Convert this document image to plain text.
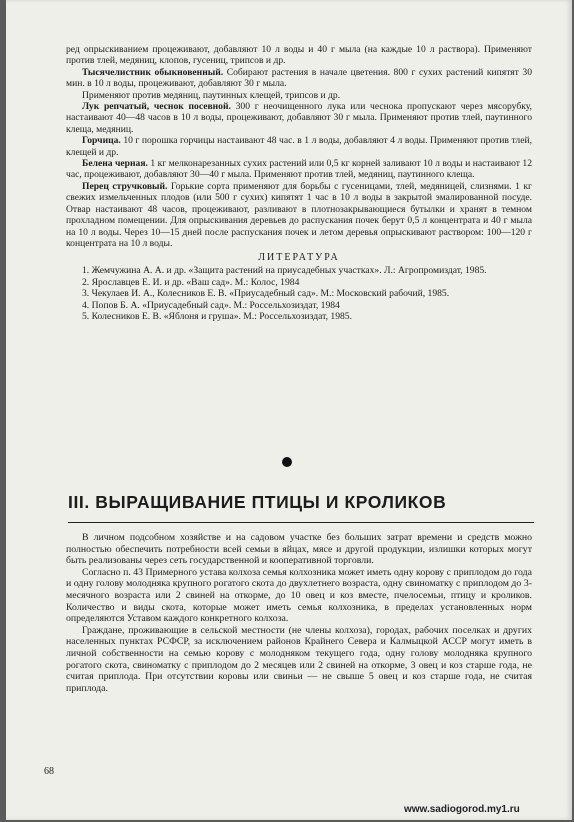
ред опрыскиванием процеживают, добавляют 10 л воды и 40 г мыла (на каждые 10 л раствора). Применяют против тлей, медяниц, клопов, гусениц, трипсов и др.

Тысячелистник обыкновенный. Собирают растения в начале цветения. 800 г сухих растений кипятят 30 мин. в 10 л воды, процеживают, добавляют 30 г мыла.

Применяют против медяниц, паутинных клещей, трипсов и др.

Лук репчатый, чеснок посевной. 300 г неочищенного лука или чеснока пропускают через мясорубку, настаивают 40—48 часов в 10 л воды, процеживают, добавляют 30 г мыла. Применяют против тлей, паутинного клеща, медяниц.

Горчица. 10 г порошка горчицы настаивают 48 час. в 1 л воды, добавляют 4 л воды. Применяют против тлей, клещей и др.

Белена черная. 1 кг мелконарезанных сухих растений или 0,5 кг корней заливают 10 л воды и настаивают 12 час, процеживают, добавляют 30—40 г мыла. Применяют против тлей, медяниц, паутинного клеща.

Перец стручковый. Горькие сорта применяют для борьбы с гусеницами, тлей, медяницей, слизнями. 1 кг свежих измельченных плодов (или 500 г сухих) кипятят 1 час в 10 л воды в закрытой эмалированной посуде. Отвар настаивают 48 часов, процеживают, разливают в плотнозакрывающиеся бутылки и хранят в темном прохладном помещении. Для опрыскивания деревьев до распускания почек берут 0,5 л концентрата и 40 г мыла на 10 л воды. Через 10—15 дней после распускания почек и летом деревья опрыскивают раствором: 100—120 г концентрата на 10 л воды.

ЛИТЕРАТУРА
1. Жемчужина А. А. и др. «Защита растений на приусадебных участках». Л.: Агропромиздат, 1985.
2. Ярославцев Е. И. и др. «Ваш сад». М.: Колос, 1984
3. Чекулаев И. А., Колесников Е. В. «Приусадебный сад». М.: Московский рабочий, 1985.
4. Попов Б. А. «Приусадебный сад». М.: Россельхозиздат, 1984
5. Колесников Е. В. «Яблоня и груша». М.: Россельхозиздат, 1985.
III. ВЫРАЩИВАНИЕ ПТИЦЫ И КРОЛИКОВ

В личном подсобном хозяйстве и на садовом участке без больших затрат времени и средств можно полностью обеспечить потребности всей семьи в яйцах, мясе и другой продукции, излишки которых могут быть реализованы через сеть государственной и кооперативной торговли.

Согласно п. 43 Примерного устава колхоза семья колхозника может иметь одну корову с приплодом до года и одну голову молодняка крупного рогатого скота до двухлетнего возраста, одну свиноматку с приплодом до 3-месячного возраста или 2 свиней на откорме, до 10 овец и коз вместе, пчелосемьи, птицу и кроликов. Количество и виды скота, которые может иметь семья колхозника, в пределах установленных норм определяются Уставом каждого конкретного колхоза.

Граждане, проживающие в сельской местности (не члены колхоза), городах, рабочих поселках и других населенных пунктах РСФСР, за исключением районов Крайнего Севера и Калмыцкой АССР могут иметь в личной собственности на семью корову с молодняком текущего года, одну голову молодняка крупного рогатого скота, свиноматку с приплодом до 2 месяцев или 2 свиней на откорме, 3 овец и коз старше года, не считая приплода. При отсутствии коровы или свиньи — не свыше 5 овец и коз старше года, не считая приплода.

68
www.sadiogorod.my1.ru
